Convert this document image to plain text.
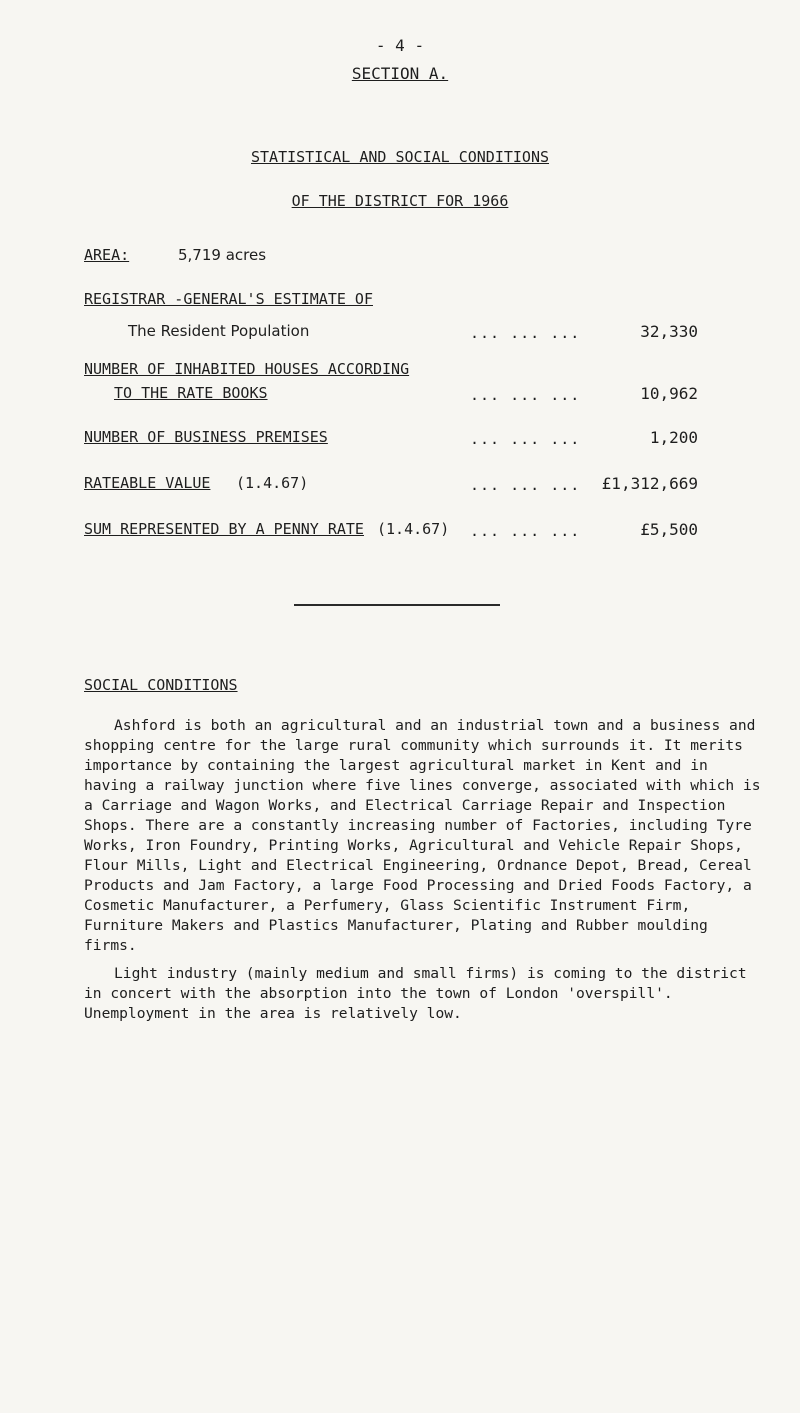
- 4 -
SECTION A.
STATISTICAL AND SOCIAL CONDITIONS
OF THE DISTRICT FOR 1966
AREA:	5,719 acres
REGISTRAR -GENERAL'S ESTIMATE OF
The Resident Population	... ... ...	32,330
NUMBER OF INHABITED HOUSES ACCORDING
TO THE RATE BOOKS	... ... ...	10,962
NUMBER OF BUSINESS PREMISES	... ... ...	1,200
RATEABLE VALUE (1.4.67)	... ... ... £1,312,669
SUM REPRESENTED BY A PENNY RATE (1.4.67) ... ... ...	£5,500
SOCIAL CONDITIONS
Ashford is both an agricultural and an industrial town and a business and shopping centre for the large rural community which surrounds it. It merits importance by containing the largest agricultural market in Kent and in having a railway junction where five lines converge, associated with which is a Carriage and Wagon Works, and Electrical Carriage Repair and Inspection Shops. There are a constantly increasing number of Factories, including Tyre Works, Iron Foundry, Printing Works, Agricultural and Vehicle Repair Shops, Flour Mills, Light and Electrical Engineering, Ordnance Depot, Bread, Cereal Products and Jam Factory, a large Food Processing and Dried Foods Factory, a Cosmetic Manufacturer, a Perfumery, Glass Scientific Instrument Firm, Furniture Makers and Plastics Manufacturer, Plating and Rubber moulding firms.
Light industry (mainly medium and small firms) is coming to the district in concert with the absorption into the town of London 'overspill'. Unemployment in the area is relatively low.
